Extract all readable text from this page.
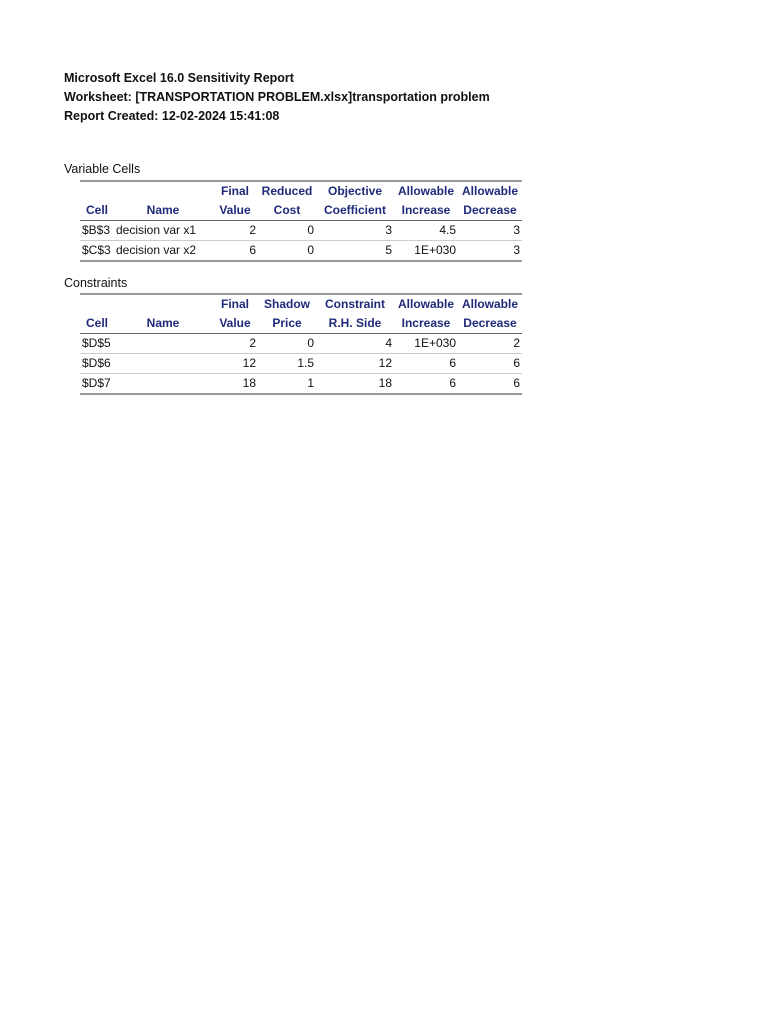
Microsoft Excel 16.0 Sensitivity Report
Worksheet: [TRANSPORTATION PROBLEM.xlsx]transportation problem
Report Created: 12-02-2024 15:41:08
Variable Cells
		Final	Reduced	Objective	Allowable	Allowable
Cell	Name	Value	Cost	Coefficient	Increase	Decrease
$B$3	decision var x1	2	0	3	4.5	3
$C$3	decision var x2	6	0	5	1E+030	3
Constraints
		Final	Shadow	Constraint	Allowable	Allowable
Cell	Name	Value	Price	R.H. Side	Increase	Decrease
$D$5		2	0	4	1E+030	2
$D$6		12	1.5	12	6	6
$D$7		18	1	18	6	6
